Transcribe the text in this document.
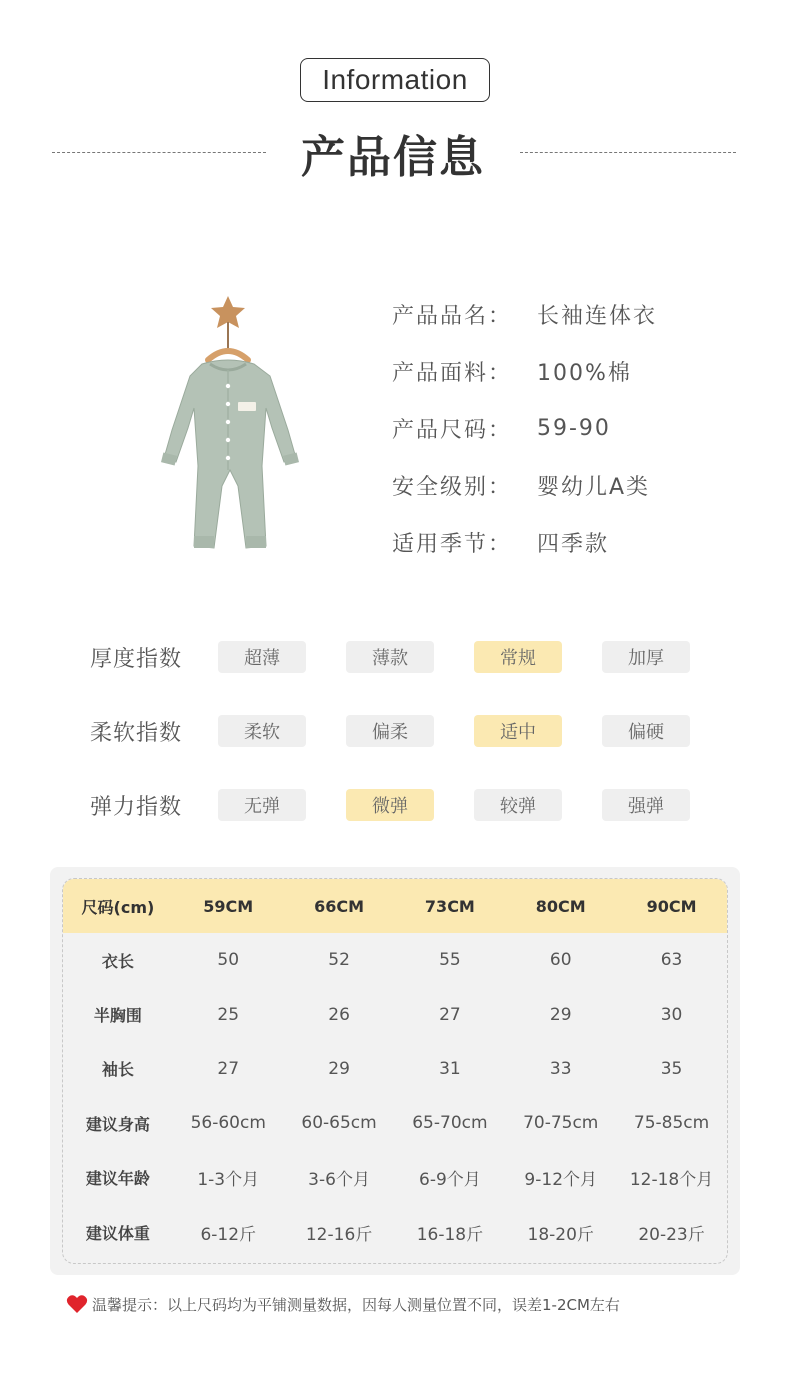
Information
产品信息
产品品名：	长袖连体衣
产品面料：	100%棉
产品尺码：	59-90
安全级别：	婴幼儿A类
适用季节：	四季款
厚度指数	超薄	薄款	常规	加厚
柔软指数	柔软	偏柔	适中	偏硬
弹力指数	无弹	微弹	较弹	强弹
尺码(cm)	59CM	66CM	73CM	80CM	90CM
衣长	50	52	55	60	63
半胸围	25	26	27	29	30
袖长	27	29	31	33	35
建议身高	56-60cm	60-65cm	65-70cm	70-75cm	75-85cm
建议年龄	1-3个月	3-6个月	6-9个月	9-12个月	12-18个月
建议体重	6-12斤	12-16斤	16-18斤	18-20斤	20-23斤
温馨提示：以上尺码均为平铺测量数据，因每人测量位置不同，误差1-2CM左右
